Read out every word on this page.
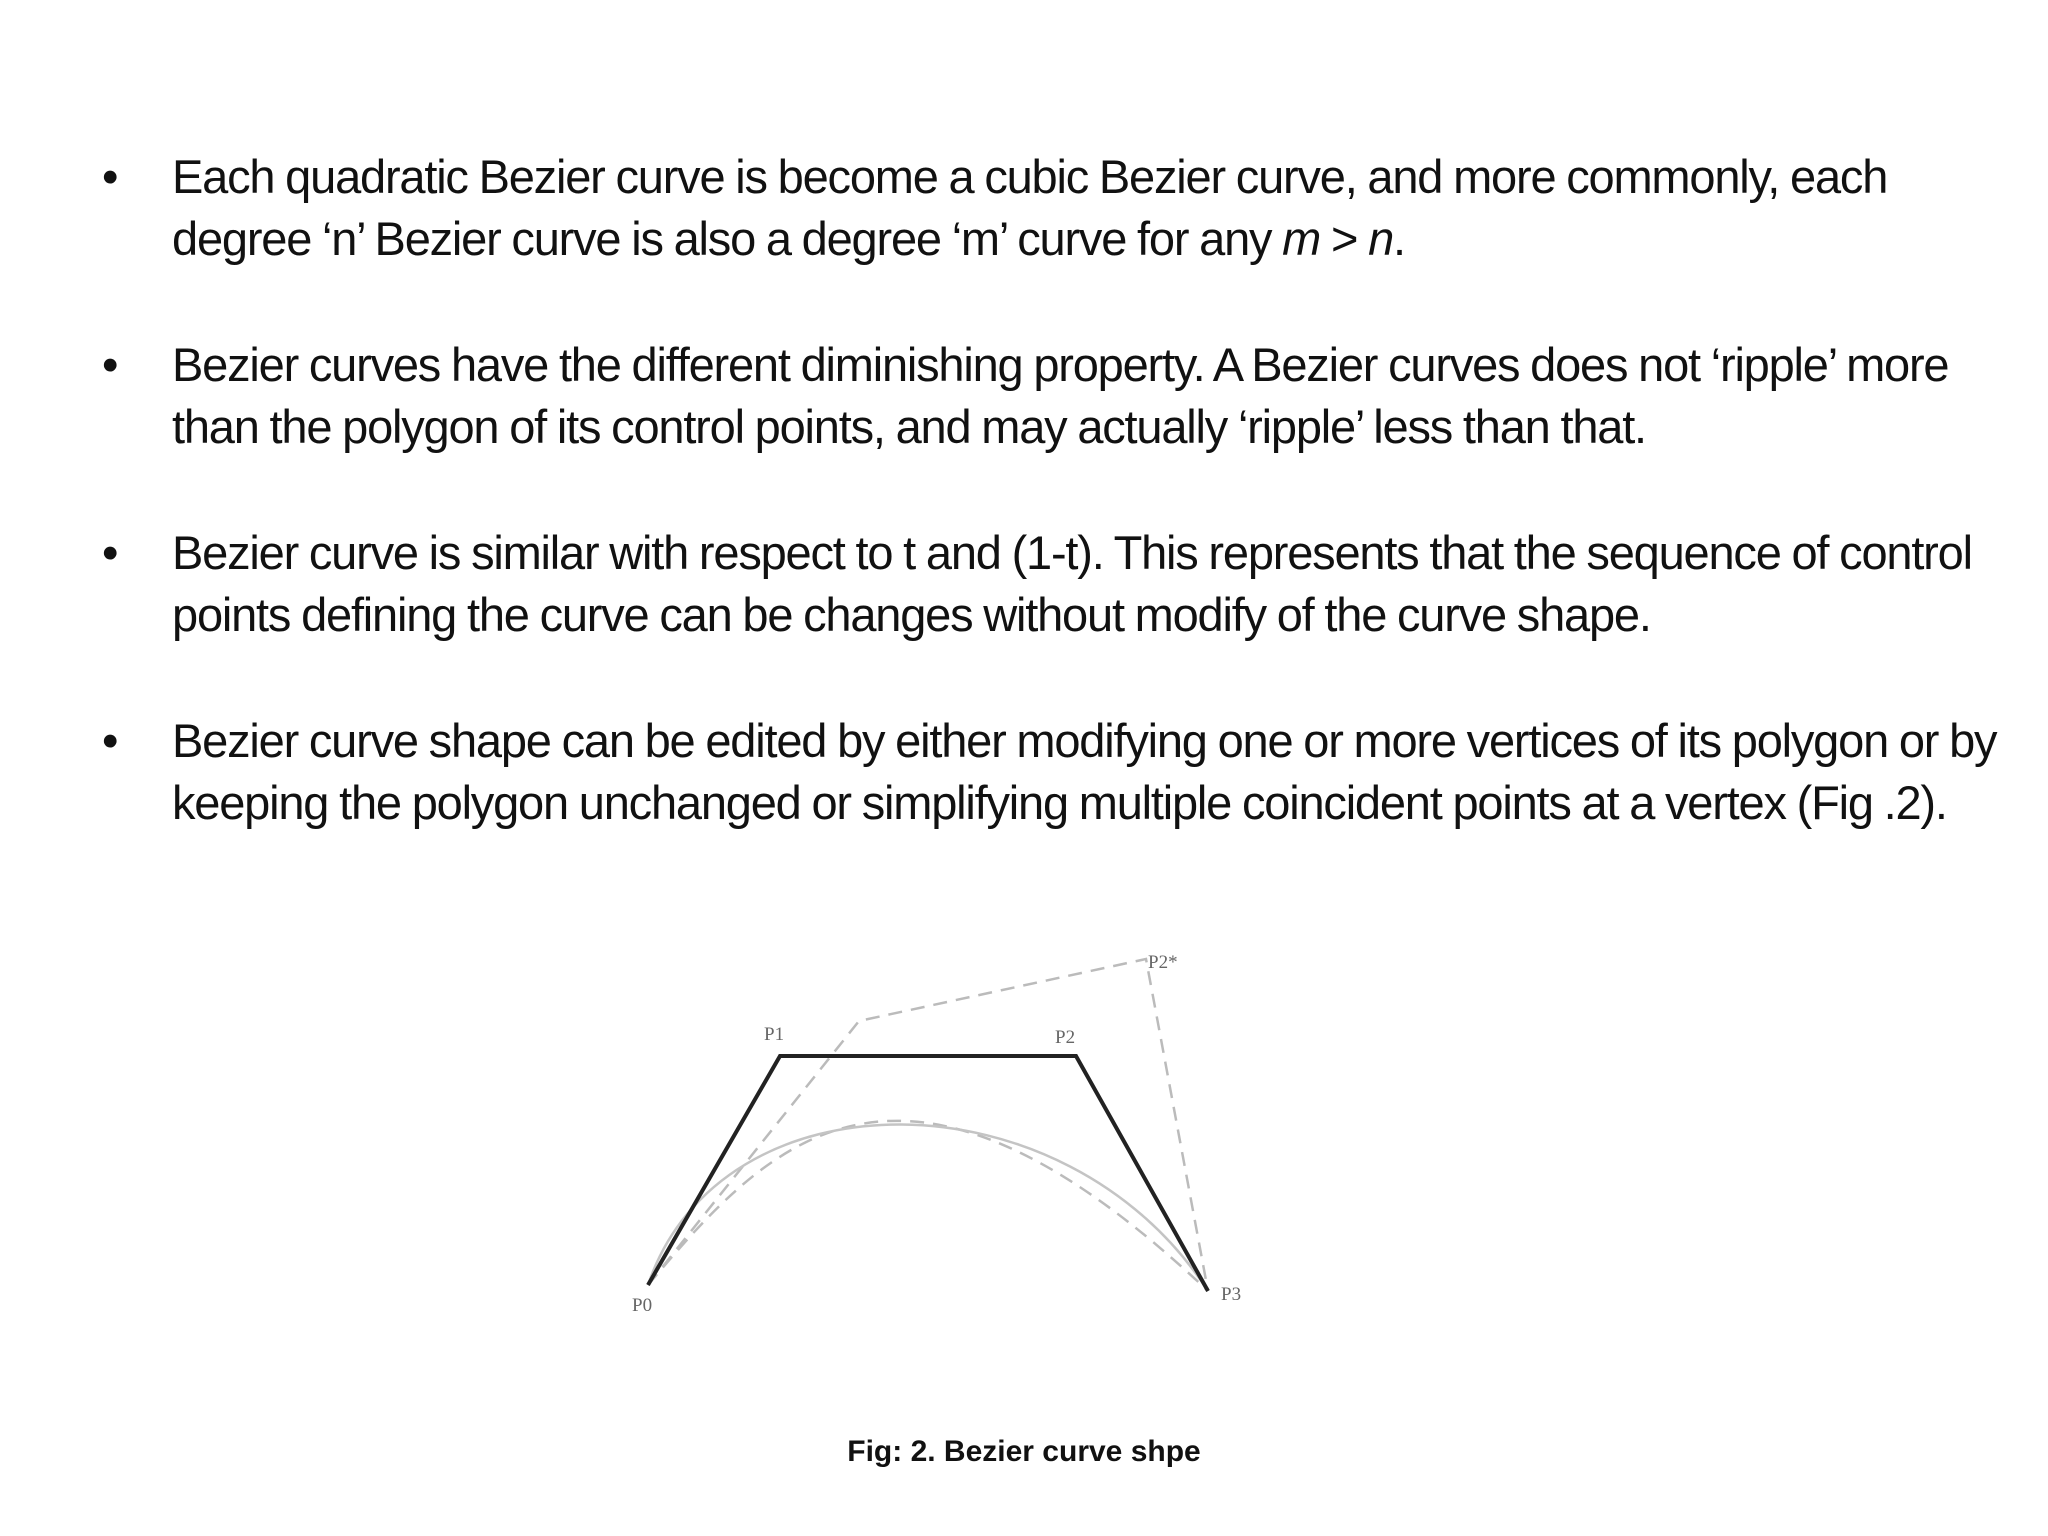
•	Each quadratic Bezier curve is become a cubic Bezier curve, and more commonly, each degree ‘n’ Bezier curve is also a degree ‘m’ curve for any m > n.
•	Bezier curves have the different diminishing property. A Bezier curves does not ‘ripple’ more than the polygon of its control points, and may actually ‘ripple’ less than that.
•	Bezier curve is similar with respect to t and (1-t). This represents that the sequence of control points defining the curve can be changes without modify of the curve shape.
•	Bezier curve shape can be edited by either modifying one or more vertices of its polygon or by keeping the polygon unchanged or simplifying multiple coincident points at a vertex (Fig .2).
P0
P1	P2
P3
P2*
Fig: 2. Bezier curve shpe
